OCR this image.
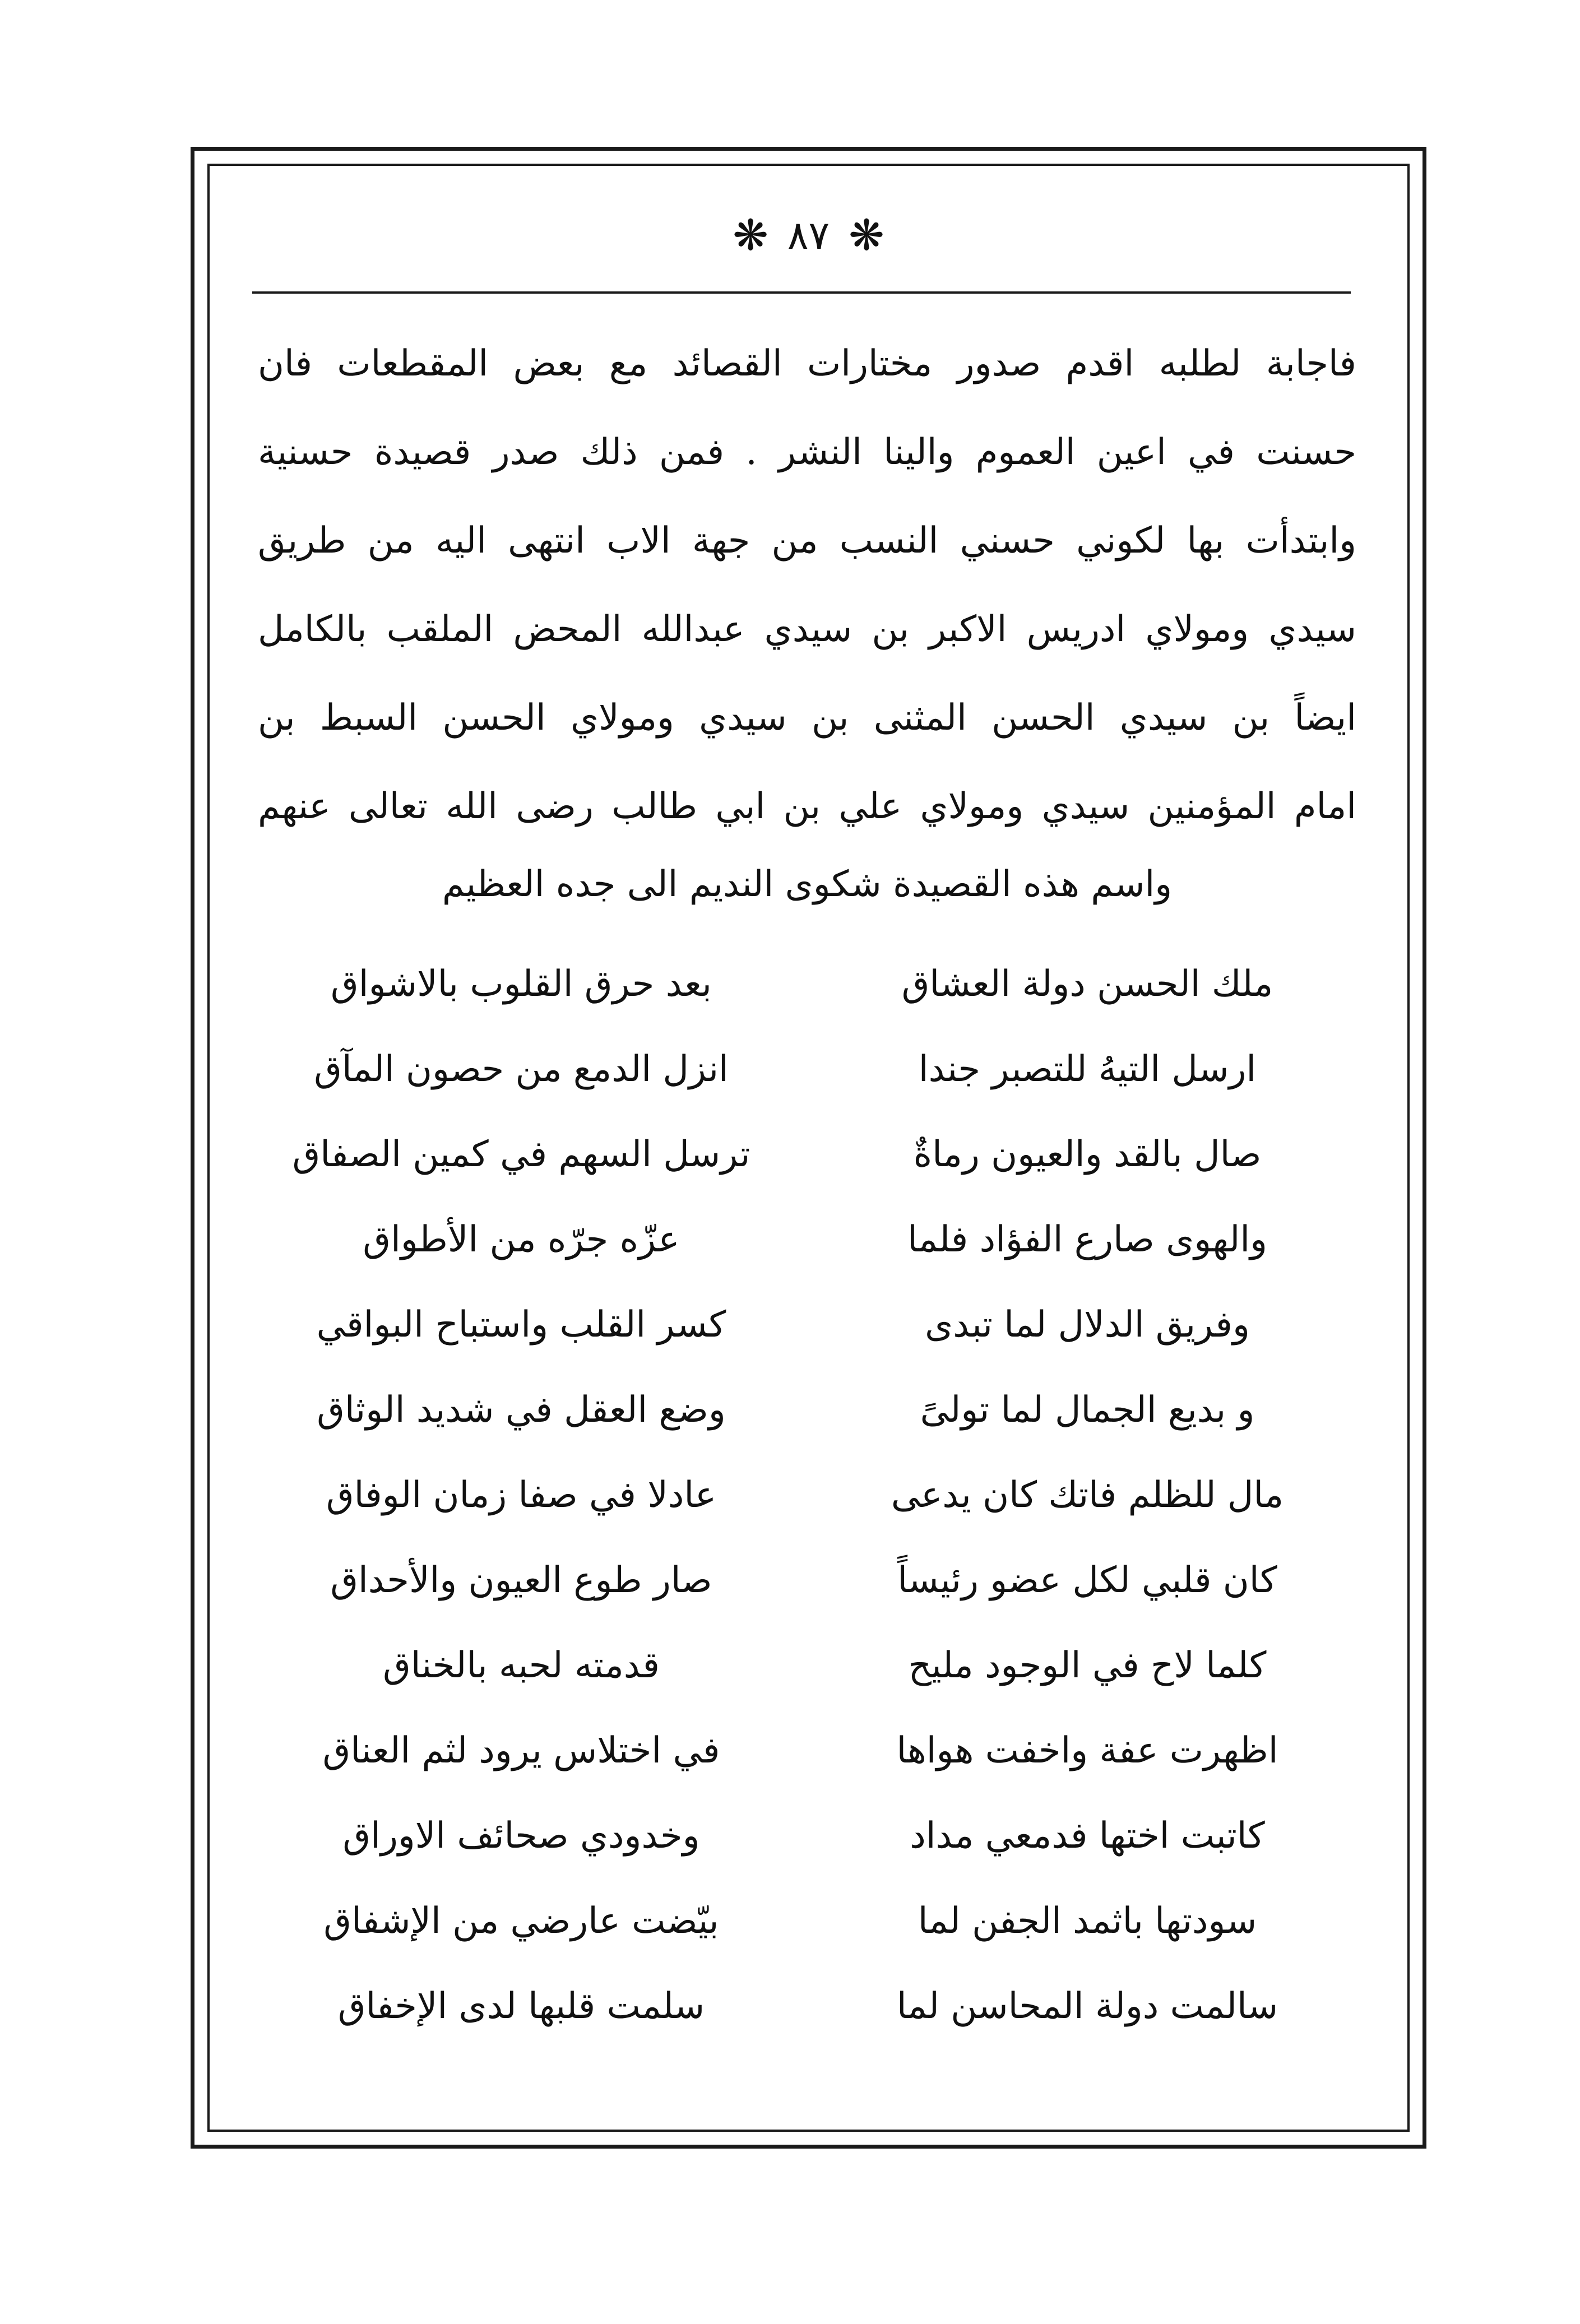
❋
٨٧
❋
فاجابة لطلبه اقدم صدور مختارات القصائد مع بعض المقطعات فان
حسنت في اعين العموم والينا النشر . فمن ذلك صدر قصيدة حسنية
وابتدأت بها لكوني حسني النسب من جهة الاب انتهى اليه من طريق
سيدي ومولاي ادريس الاكبر بن سيدي عبدالله المحض الملقب بالكامل
ايضاً بن سيدي الحسن المثنى بن سيدي ومولاي الحسن السبط بن
امام المؤمنين سيدي ومولاي علي بن ابي طالب رضى الله تعالى عنهم
واسم هذه القصيدة شكوى النديم الى جده العظيم
ملك الحسن دولة العشاق
بعد حرق القلوب بالاشواق
ارسل التيهُ للتصبر جندا
انزل الدمع من حصون المآق
صال بالقد والعيون رماةٌ
ترسل السهم في كمين الصفاق
والهوى صارع الفؤاد فلما
عزّه جرّه من الأطواق
وفريق الدلال لما تبدى
كسر القلب واستباح البواقي
و بديع الجمال لما تولىً
وضع العقل في شديد الوثاق
مال للظلم فاتك كان يدعى
عادلا في صفا زمان الوفاق
كان قلبي لكل عضو رئيساً
صار طوع العيون والأحداق
كلما لاح في الوجود مليح
قدمته لحبه بالخناق
اظهرت عفة واخفت هواها
في اختلاس يرود لثم العناق
كاتبت اختها فدمعي مداد
وخدودي صحائف الاوراق
سودتها باثمد الجفن لما
بيّضت عارضي من الإشفاق
سالمت دولة المحاسن لما
سلمت قلبها لدى الإخفاق
